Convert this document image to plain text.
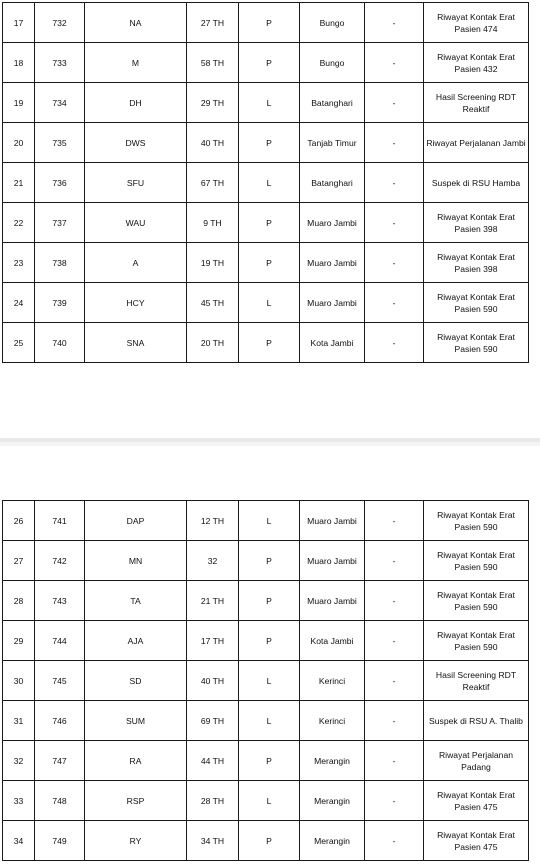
17	732	NA	27 TH	P	Bungo	-	Riwayat Kontak Erat Pasien 474
18	733	M	58 TH	P	Bungo	-	Riwayat Kontak Erat Pasien 432
19	734	DH	29 TH	L	Batanghari	-	Hasil Screening RDT Reaktif
20	735	DWS	40 TH	P	Tanjab Timur	-	Riwayat Perjalanan Jambi
21	736	SFU	67 TH	L	Batanghari	-	Suspek di RSU Hamba
22	737	WAU	9 TH	P	Muaro Jambi	-	Riwayat Kontak Erat Pasien 398
23	738	A	19 TH	P	Muaro Jambi	-	Riwayat Kontak Erat Pasien 398
24	739	HCY	45 TH	L	Muaro Jambi	-	Riwayat Kontak Erat Pasien 590
25	740	SNA	20 TH	P	Kota Jambi	-	Riwayat Kontak Erat Pasien 590
26	741	DAP	12 TH	L	Muaro Jambi	-	Riwayat Kontak Erat Pasien 590
27	742	MN	32	P	Muaro Jambi	-	Riwayat Kontak Erat Pasien 590
28	743	TA	21 TH	P	Muaro Jambi	-	Riwayat Kontak Erat Pasien 590
29	744	AJA	17 TH	P	Kota Jambi	-	Riwayat Kontak Erat Pasien 590
30	745	SD	40 TH	L	Kerinci	-	Hasil Screening RDT Reaktif
31	746	SUM	69 TH	L	Kerinci	-	Suspek di RSU A. Thalib
32	747	RA	44 TH	P	Merangin	-	Riwayat Perjalanan Padang
33	748	RSP	28 TH	L	Merangin	-	Riwayat Kontak Erat Pasien 475
34	749	RY	34 TH	P	Merangin	-	Riwayat Kontak Erat Pasien 475
